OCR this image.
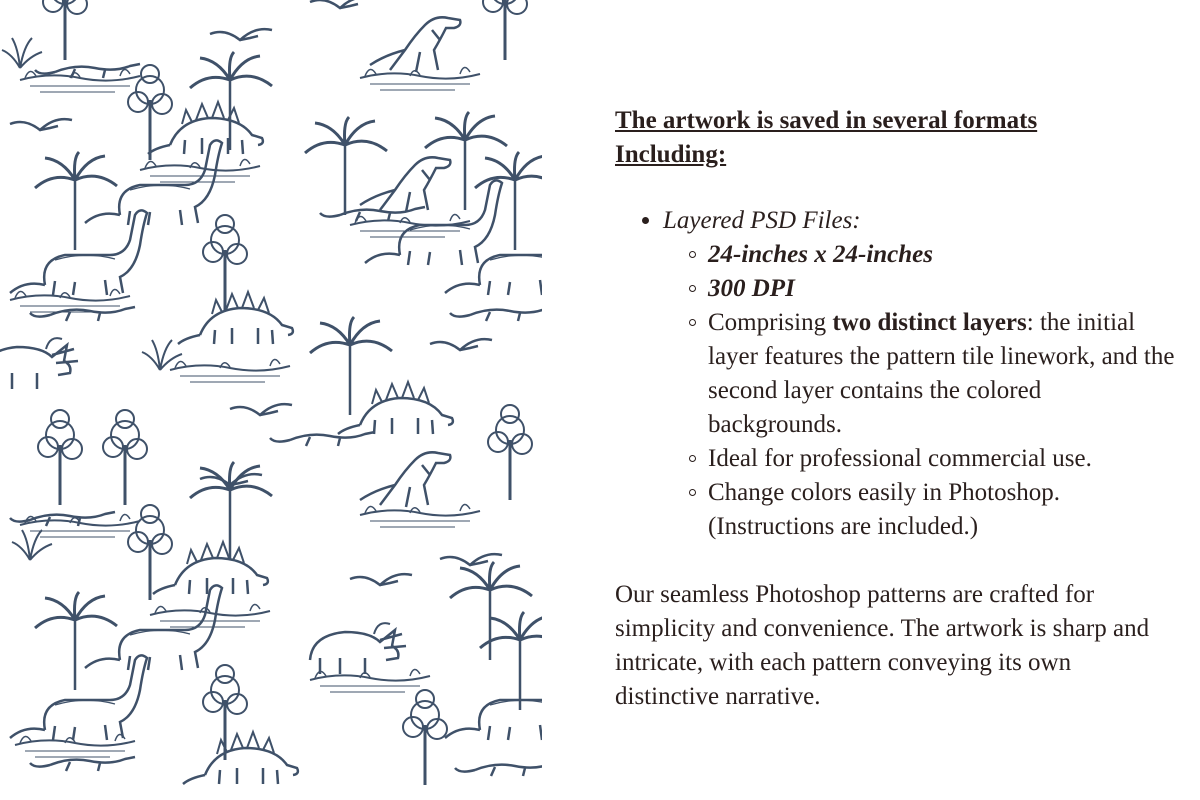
The artwork is saved in several formats
Including:
Layered PSD Files:
24-inches x 24-inches
300 DPI
Comprising two distinct layers: the initial layer features the pattern tile linework, and the second layer contains the colored backgrounds.
Ideal for professional commercial use.
Change colors easily in Photoshop. (Instructions are included.)

Our seamless Photoshop patterns are crafted for simplicity and convenience. The artwork is sharp and intricate, with each pattern conveying its own distinctive narrative.
